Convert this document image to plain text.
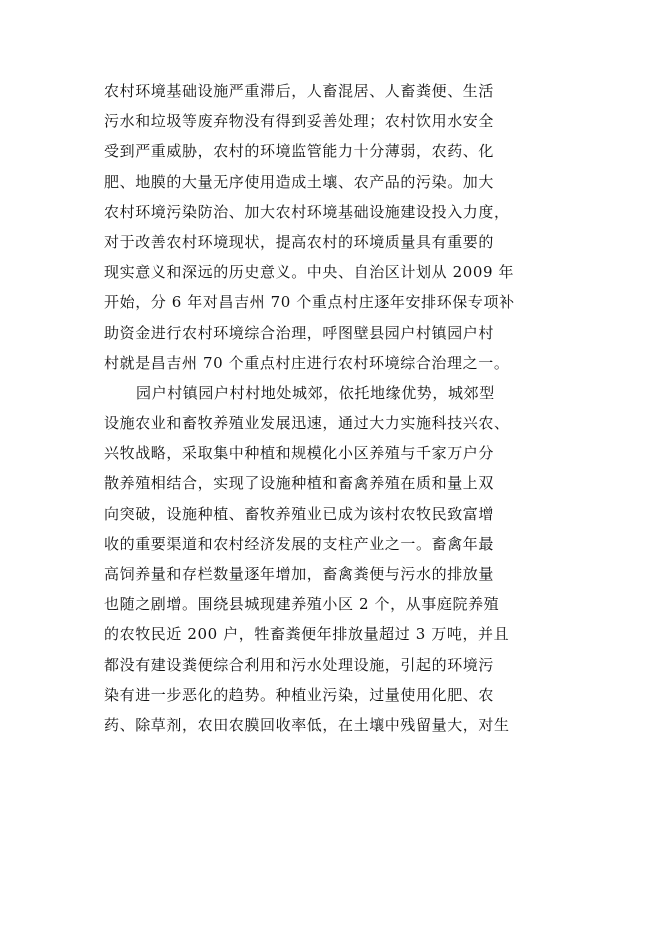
农村环境基础设施严重滞后，人畜混居、人畜粪便、生活
污水和垃圾等废弃物没有得到妥善处理；农村饮用水安全
受到严重威胁，农村的环境监管能力十分薄弱，农药、化
肥、地膜的大量无序使用造成土壤、农产品的污染。加大
农村环境污染防治、加大农村环境基础设施建设投入力度，
对于改善农村环境现状，提高农村的环境质量具有重要的
现实意义和深远的历史意义。中央、自治区计划从 2009 年
开始，分 6 年对昌吉州 70 个重点村庄逐年安排环保专项补
助资金进行农村环境综合治理，呼图壁县园户村镇园户村
村就是昌吉州 70 个重点村庄进行农村环境综合治理之一。
园户村镇园户村村地处城郊，依托地缘优势，城郊型
设施农业和畜牧养殖业发展迅速，通过大力实施科技兴农、
兴牧战略，采取集中种植和规模化小区养殖与千家万户分
散养殖相结合，实现了设施种植和畜禽养殖在质和量上双
向突破，设施种植、畜牧养殖业已成为该村农牧民致富增
收的重要渠道和农村经济发展的支柱产业之一。畜禽年最
高饲养量和存栏数量逐年增加，畜禽粪便与污水的排放量
也随之剧增。围绕县城现建养殖小区 2 个，从事庭院养殖
的农牧民近 200 户，牲畜粪便年排放量超过 3 万吨，并且
都没有建设粪便综合利用和污水处理设施，引起的环境污
染有进一步恶化的趋势。种植业污染，过量使用化肥、农
药、除草剂，农田农膜回收率低，在土壤中残留量大，对生
